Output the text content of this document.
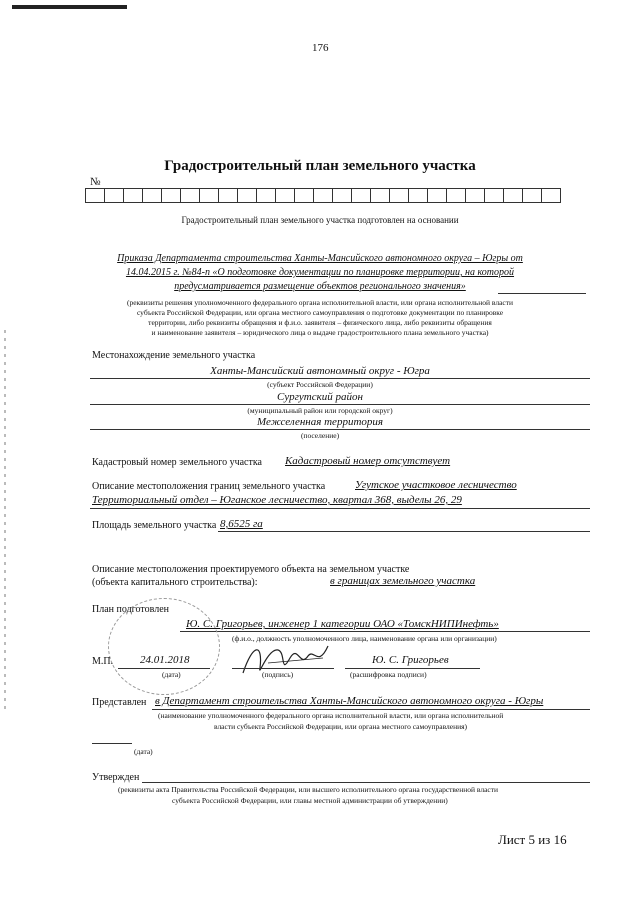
176
Градостроительный план земельного участка
№
Градостроительный план земельного участка подготовлен на основании
Приказа Департамента строительства Ханты-Мансийского автономного округа – Югры от
14.04.2015 г. №84-п «О подготовке документации по планировке территории, на которой
предусматривается размещение объектов регионального значения»
(реквизиты решения уполномоченного федерального органа исполнительной власти, или органа исполнительной власти
субъекта Российской Федерации, или органа местного самоуправления о подготовке документации по планировке
территории, либо реквизиты обращения и ф.и.о. заявителя – физического лица, либо реквизиты обращения
и наименование заявителя – юридического лица о выдаче градостроительного плана земельного участка)
Местонахождение земельного участка
Ханты-Мансийский автономный округ - Югра
(субъект Российской Федерации)
Сургутский район
(муниципальный район или городской округ)
Межселенная территория
(поселение)
Кадастровый номер земельного участка Кадастровый номер отсутствует
Описание местоположения границ земельного участка	Угутское участковое лесничество
Территориальный отдел – Юганское лесничество, квартал 368, выделы 26, 29
Площадь земельного участка 8,6525 га
Описание местоположения проектируемого объекта на земельном участке
(объекта капитального строительства):	в границах земельного участка
План подготовлен
Ю. С. Григорьев, инженер 1 категории ОАО «ТомскНИПИнефть»
(ф.и.о., должность уполномоченного лица, наименование органа или организации)
М.П. 24.01.2018
(дата)	(подпись)
Ю. С. Григорьев
(расшифровка подписи)
Представлен в Департамент строительства Ханты-Мансийского автономного округа - Югры
(наименование уполномоченного федерального органа исполнительной власти, или органа исполнительной
власти субъекта Российской Федерации, или органа местного самоуправления)
(дата)
Утвержден
(реквизиты акта Правительства Российской Федерации, или высшего исполнительного органа государственной власти
субъекта Российской Федерации, или главы местной администрации об утверждении)
Лист 5 из 16
